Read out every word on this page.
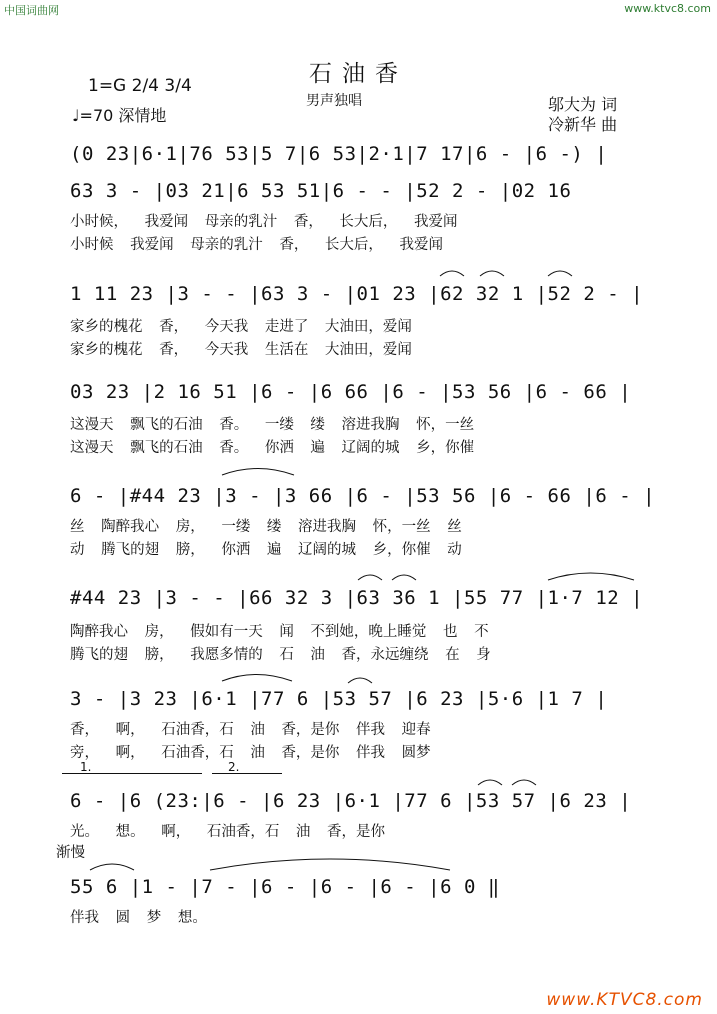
中国词曲网	www.ktvc8.com
石油香
男声独唱
1=G 2/4 3/4
♩=70 深情地
邬大为 词
冷新华 曲
(0 23|6·1|76 53|5 7|6 53|2·1|7 17|6 - |6 -) |
63 3 - |03 21|6 53 51|6 - - |52 2 - |02 16
小时候， 我爱闻 母亲的乳汁 香， 长大后， 我爱闻
小时候 我爱闻 母亲的乳汁 香， 长大后， 我爱闻
1 11 23 |3 - - |63 3 - |01 23 |62 32 1 |52 2 - |
家乡的槐花 香， 今天我 走进了 大油田，爱闻
家乡的槐花 香， 今天我 生活在 大油田，爱闻
03 23 |2 16 51 |6 - |6 66 |6 - |53 56 |6 - 66 |
这漫天 飘飞的石油 香。 一缕 缕 溶进我胸 怀，一丝
这漫天 飘飞的石油 香。 你洒 遍 辽阔的城 乡，你催
6 - |#44 23 |3 - |3 66 |6 - |53 56 |6 - 66 |6 - |
丝 陶醉我心 房， 一缕 缕 溶进我胸 怀，一丝 丝
动 腾飞的翅 膀， 你洒 遍 辽阔的城 乡，你催 动
#44 23 |3 - - |66 32 3 |63 36 1 |55 77 |1·7 12 |
陶醉我心 房， 假如有一天 闻 不到她，晚上睡觉 也 不
腾飞的翅 膀， 我愿多情的 石 油 香，永远缠绕 在 身
3 - |3 23 |6·1 |77 6 |53 57 |6 23 |5·6 |1 7 |
香， 啊， 石油香，石 油 香，是你 伴我 迎春
旁， 啊， 石油香，石 油 香，是你 伴我 圆梦
1.	2.
6 - |6 (23:|6 - |6 23 |6·1 |77 6 |53 57 |6 23 |
光。 想。 啊， 石油香，石 油 香，是你
渐慢
55 6 |1 - |7 - |6 - |6 - |6 - |6 0 ‖
伴我 圆 梦 想。
www.KTVC8.com
